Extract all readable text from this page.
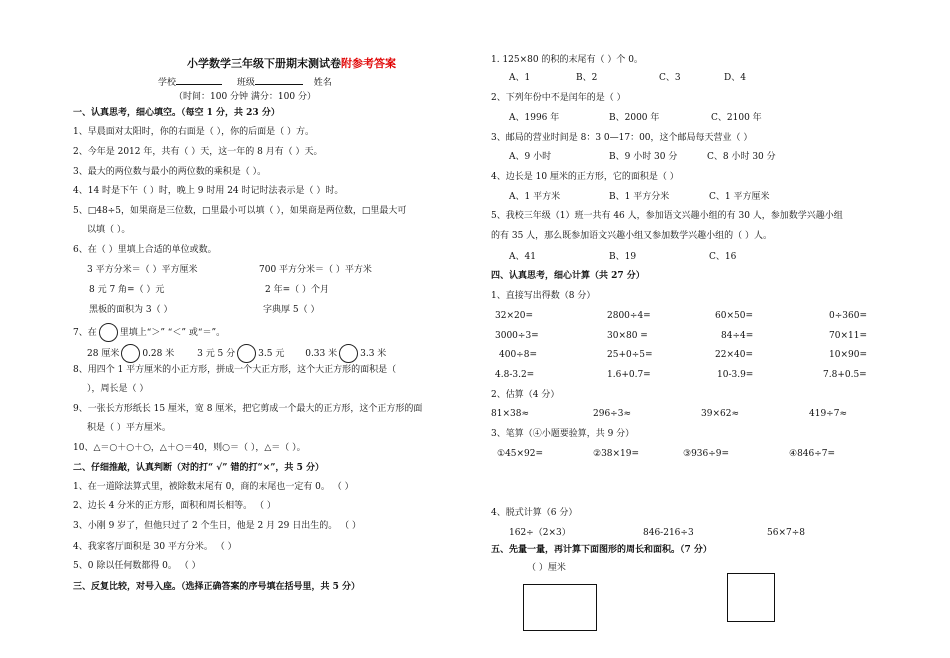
小学数学三年级下册期末测试卷附参考答案
学校	班级	姓名
（时间：100 分钟 满分：100 分）
一、认真思考，细心填空。（每空 1 分，共 23 分）
1、早晨面对太阳时，你的右面是（ ），你的后面是（ ）方。
2、今年是 2012 年，共有（ ）天，这一年的 8 月有（ ）天。
3、最大的两位数与最小的两位数的乘积是（ ）。
4、14 时是下午（ ）时，晚上 9 时用 24 时记时法表示是（ ）时。
5、□48÷5，如果商是三位数，□里最小可以填（ ），如果商是两位数，□里最大可
以填（ ）。
6、在（ ）里填上合适的单位或数。
3 平方分米＝（ ）平方厘米	700 平方分米＝（ ）平方米
8 元 7 角=（ ）元	2 年=（ ）个月
黑板的面积为 3（ ）	字典厚 5（ ）
7、在	里填上“＞” “＜” 或“＝”。
28 厘米	0.28 米	3 元 5 分	3.5 元 0.33 米	3.3 米
8、用四个 1 平方厘米的小正方形，拼成一个大正方形，这个大正方形的面积是（
），周长是（ ）
9、一张长方形纸长 15 厘米，宽 8 厘米，把它剪成一个最大的正方形，这个正方形的面
积是（ ）平方厘米。
10、△＝○＋○＋○，△＋○＝40，则○＝（ ），△＝（ ）。
二、仔细推敲，认真判断（对的打“ √” 错的打“×”，共 5 分）
1、在一道除法算式里，被除数末尾有 0，商的末尾也一定有 0。 （ ）
2、边长 4 分米的正方形，面积和周长相等。 （ ）
3、小刚 9 岁了，但他只过了 2 个生日，他是 2 月 29 日出生的。 （ ）
4、我家客厅面积是 30 平方分米。 （ ）
5、0 除以任何数都得 0。 （ ）
三、反复比较，对号入座。（选择正确答案的序号填在括号里，共 5 分）
1. 125×80 的积的末尾有（ ）个 0。
A、1	B、2	C、3	D、4
2、下列年份中不是闰年的是（ ）
A、1996 年	B、2000 年	C、2100 年
3、邮局的营业时间是 8：3 0—17：00，这个邮局每天营业（ ）
A、9 小时	B、9 小时 30 分	C、8 小时 30 分
4、边长是 10 厘米的正方形，它的面积是（ ）
A、1 平方米	B、1 平方分米	C、1 平方厘米
5、我校三年级（1）班一共有 46 人，参加语文兴趣小组的有 30 人，参加数学兴趣小组
的有 35 人，那么既参加语文兴趣小组又参加数学兴趣小组的（ ）人。
A、41	B、19	C、16
四、认真思考，细心计算（共 27 分）
1、直接写出得数（8 分）
32×20=	2800÷4=	60×50=	0÷360=
3000÷3=	30×80 =	84÷4=	70×11=
400÷8=	25+0÷5=	22×40=	10×90=
4.8-3.2=	1.6+0.7=	10-3.9=	7.8+0.5=
2、估算（4 分）
81×38≈	296÷3≈	39×62≈	419÷7≈
3、笔算（④小题要验算，共 9 分）
①45×92=	②38×19=	③936÷9=	④846÷7=
4、脱式计算（6 分）
162÷（2×3）	846-216÷3	56×7÷8
五、先量一量，再计算下面图形的周长和面积。（7 分）
（ ）厘米
